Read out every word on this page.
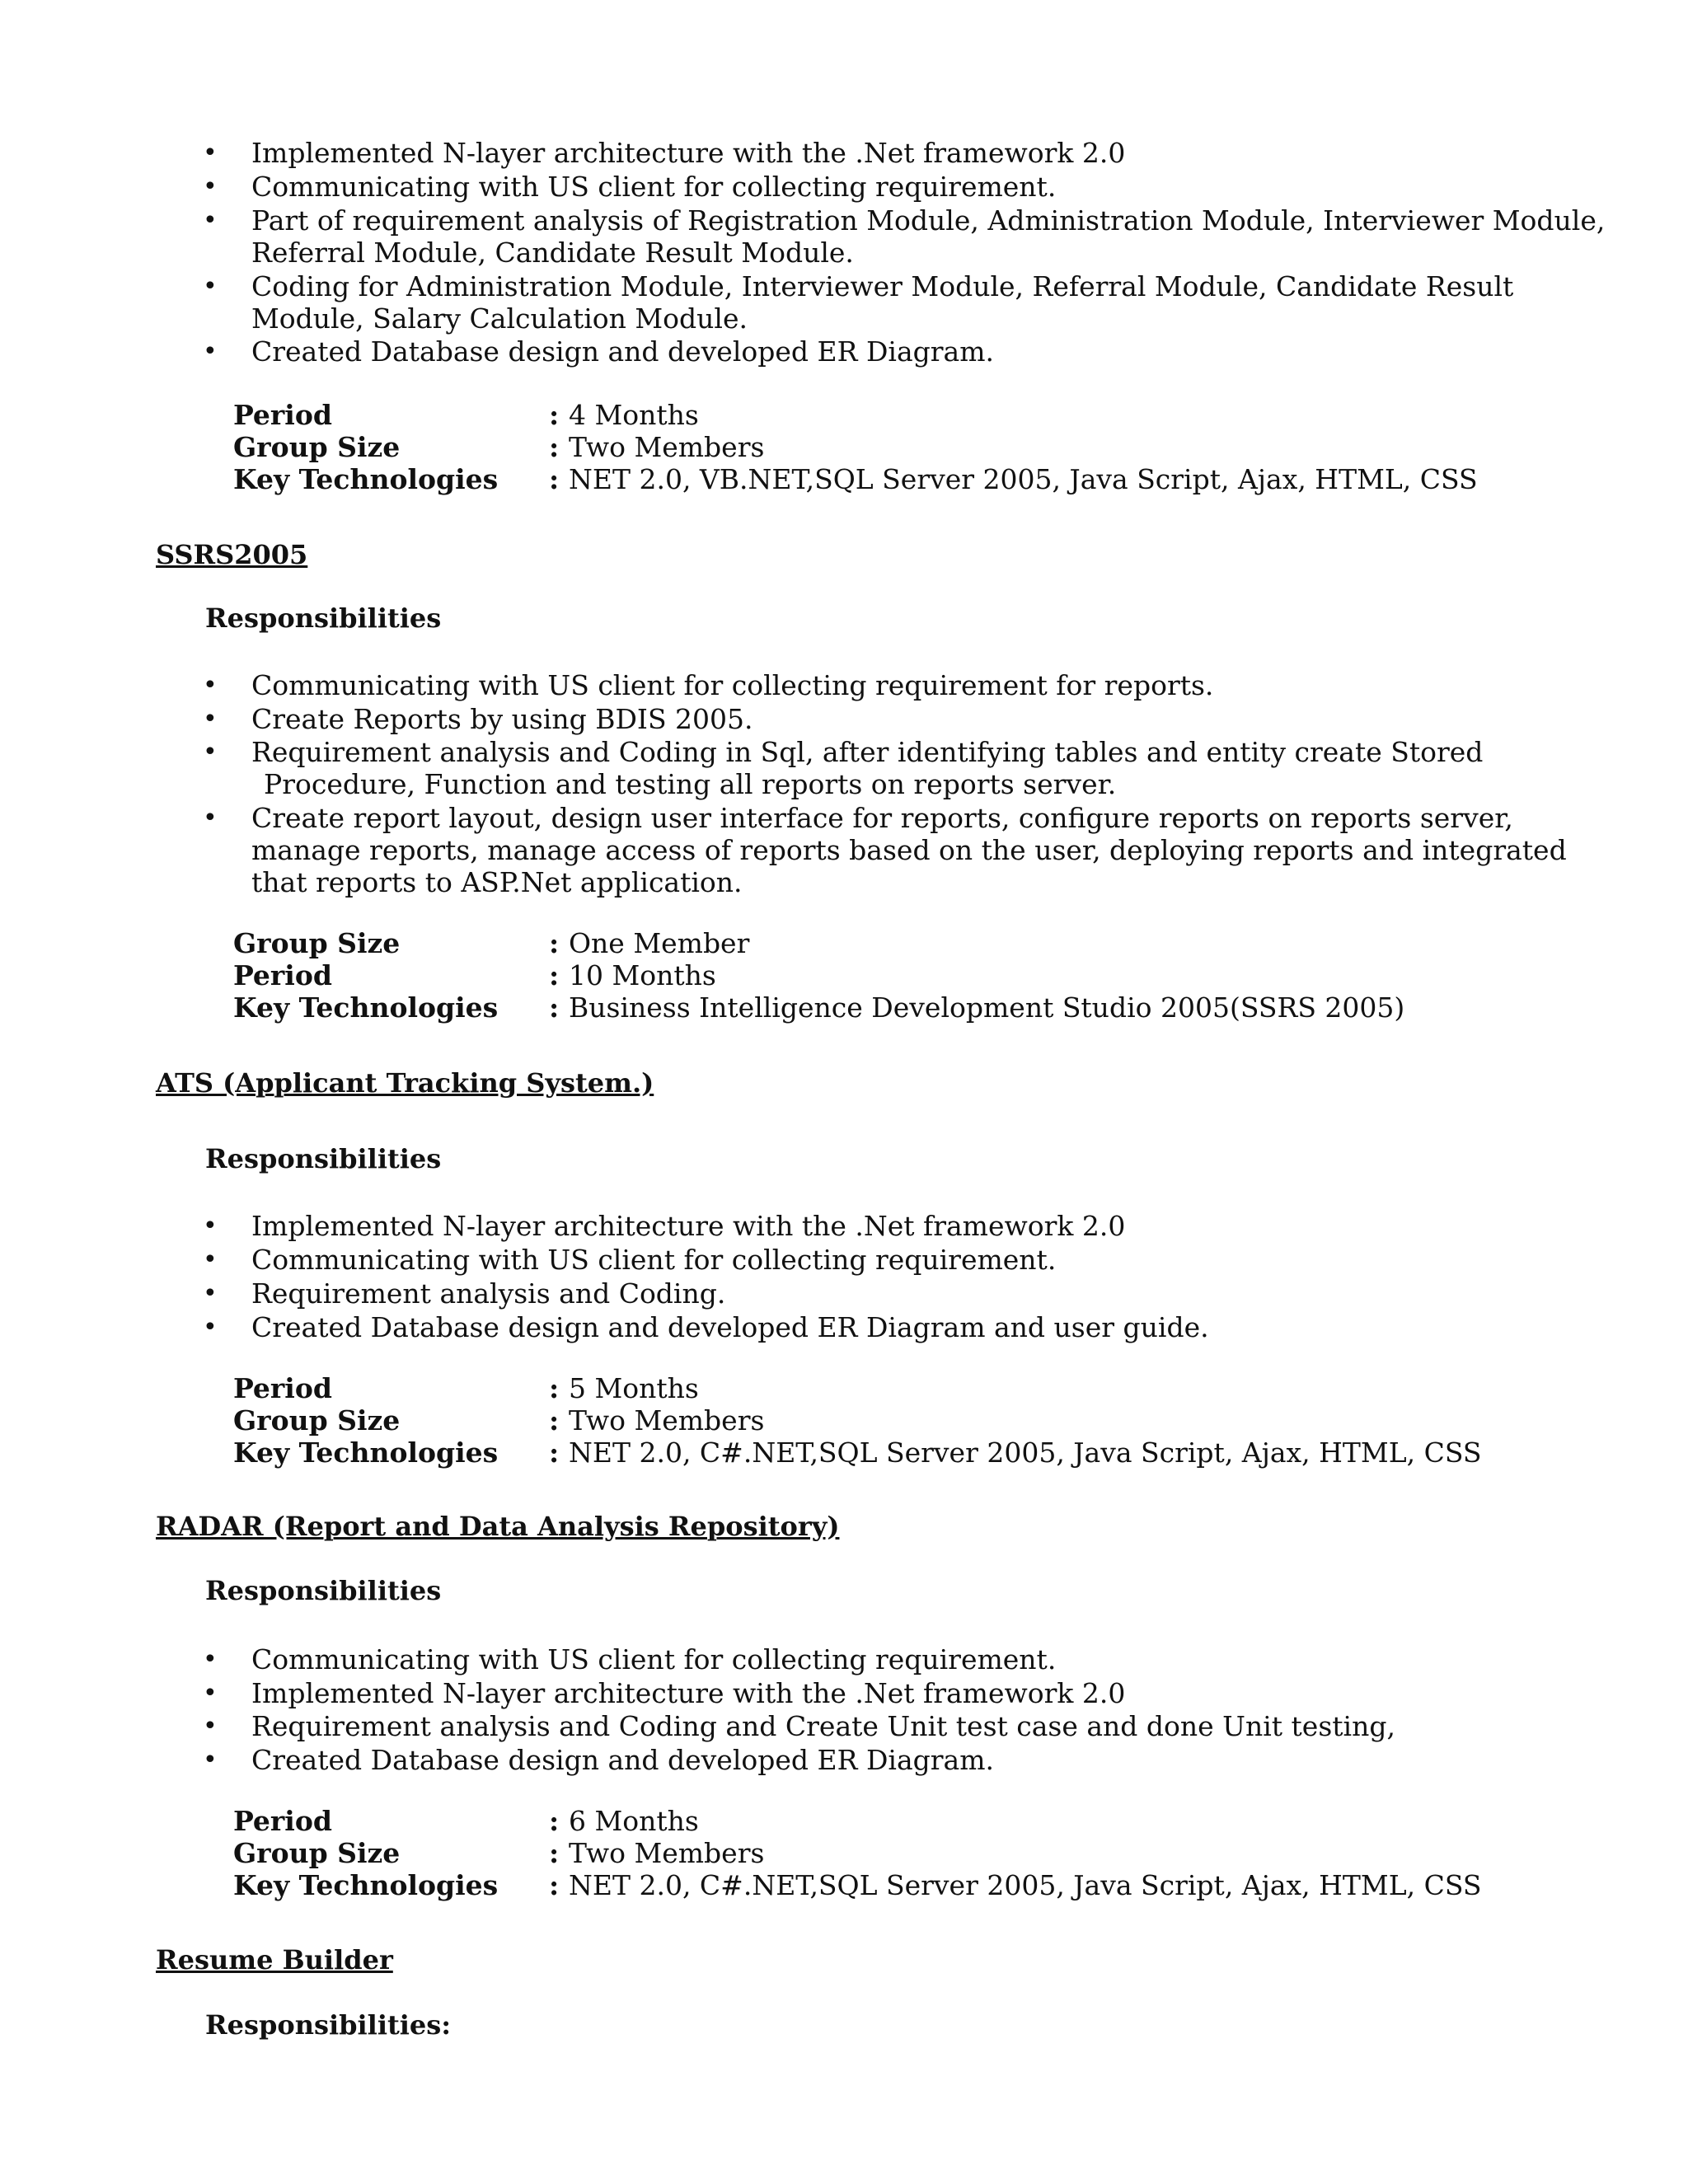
• Implemented N-layer architecture with the .Net framework 2.0
• Communicating with US client for collecting requirement.
• Part of requirement analysis of Registration Module, Administration Module, Interviewer Module,
Referral Module, Candidate Result Module.
• Coding for Administration Module, Interviewer Module, Referral Module, Candidate Result
Module, Salary Calculation Module.
• Created Database design and developed ER Diagram.
Period	: 4 Months
Group Size	: Two Members
Key Technologies : NET 2.0, VB.NET,SQL Server 2005, Java Script, Ajax, HTML, CSS
SSRS2005
Responsibilities
• Communicating with US client for collecting requirement for reports.
• Create Reports by using BDIS 2005.
• Requirement analysis and Coding in Sql, after identifying tables and entity create Stored
Procedure, Function and testing all reports on reports server.
• Create report layout, design user interface for reports, configure reports on reports server,
manage reports, manage access of reports based on the user, deploying reports and integrated
that reports to ASP.Net application.
Group Size	: One Member
Period	: 10 Months
Key Technologies : Business Intelligence Development Studio 2005(SSRS 2005)
ATS (Applicant Tracking System.)
Responsibilities
• Implemented N-layer architecture with the .Net framework 2.0
• Communicating with US client for collecting requirement.
• Requirement analysis and Coding.
• Created Database design and developed ER Diagram and user guide.
Period	: 5 Months
Group Size	: Two Members
Key Technologies : NET 2.0, C#.NET,SQL Server 2005, Java Script, Ajax, HTML, CSS
RADAR (Report and Data Analysis Repository)
Responsibilities
• Communicating with US client for collecting requirement.
• Implemented N-layer architecture with the .Net framework 2.0
• Requirement analysis and Coding and Create Unit test case and done Unit testing,
• Created Database design and developed ER Diagram.
Period	: 6 Months
Group Size	: Two Members
Key Technologies : NET 2.0, C#.NET,SQL Server 2005, Java Script, Ajax, HTML, CSS
Resume Builder
Responsibilities:
